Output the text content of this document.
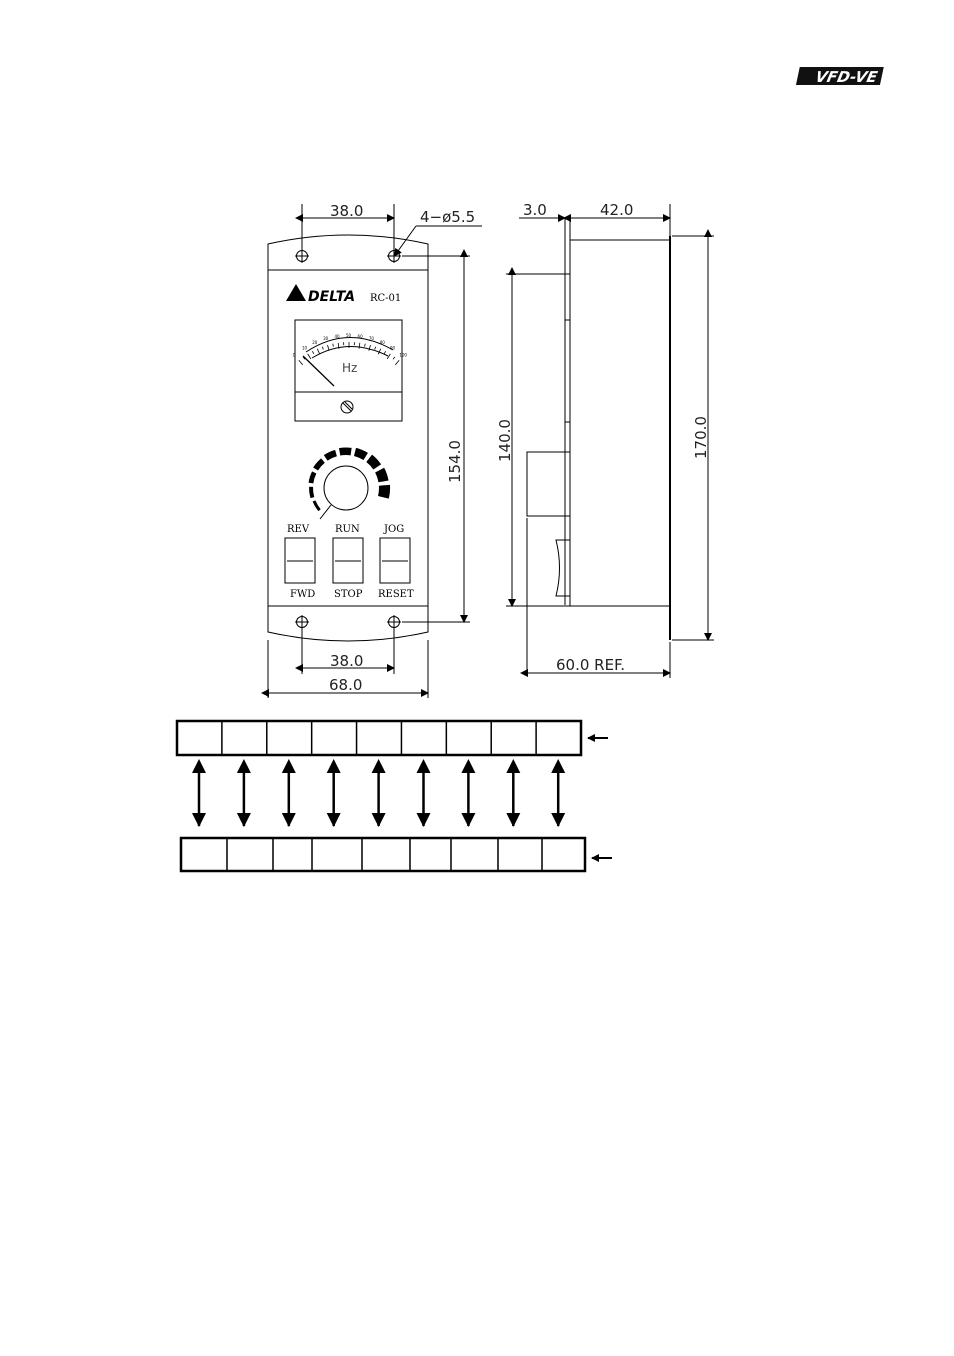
VFD-VE
DELTA RC-01
0
10
20
30 40 50 60 70
80
90
100
Hz
REV
FWD
RUN
STOP
JOG
RESET
38.0	4−ø5.5
154.0
38.0
68.0
3.0	42.0
140.0	170.0
60.0 REF.
